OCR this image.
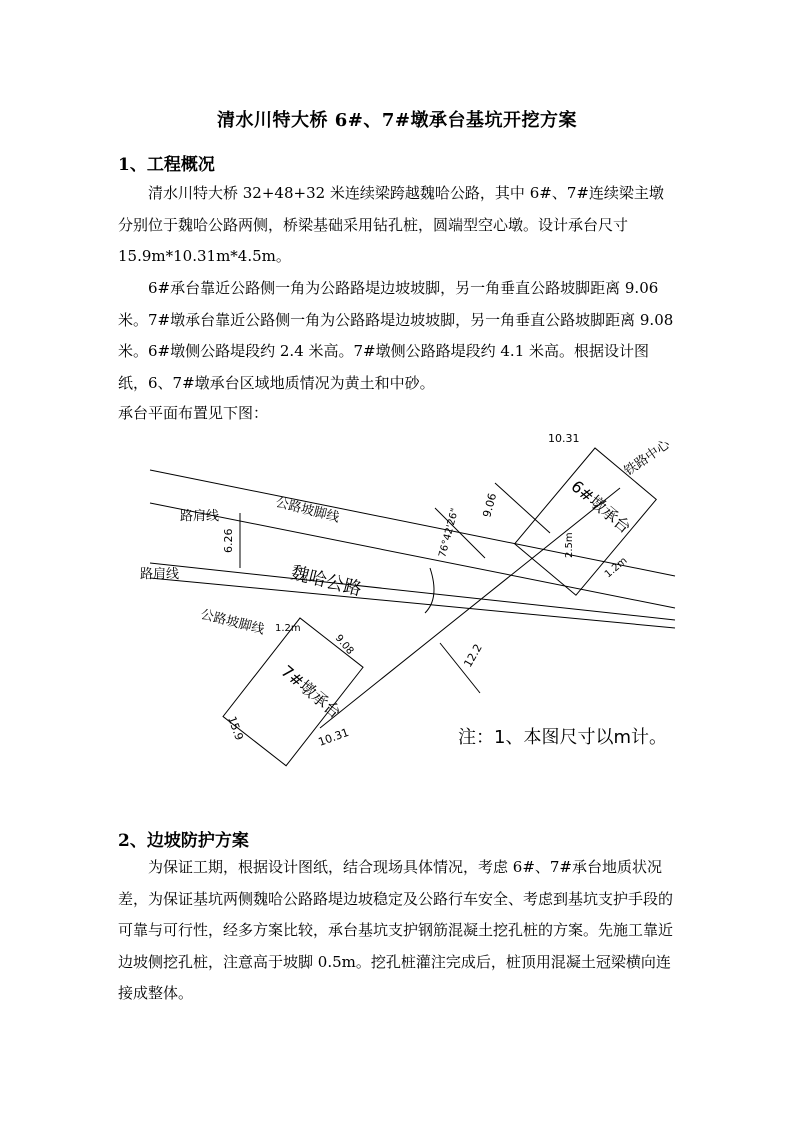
清水川特大桥 6#、7#墩承台基坑开挖方案
1、工程概况

清水川特大桥 32+48+32 米连续梁跨越魏哈公路，其中 6#、7#连续梁主墩分别位于魏哈公路两侧，桥梁基础采用钻孔桩，圆端型空心墩。设计承台尺寸 15.9m*10.31m*4.5m。

6#承台靠近公路侧一角为公路路堤边坡坡脚，另一角垂直公路坡脚距离 9.06 米。7#墩承台靠近公路侧一角为公路路堤边坡坡脚，另一角垂直公路坡脚距离 9.08 米。6#墩侧公路堤段约 2.4 米高。7#墩侧公路路堤段约 4.1 米高。根据设计图纸，6、7#墩承台区域地质情况为黄土和中砂。

承台平面布置见下图：
路肩线
路肩线
公路坡脚线
公路坡脚线
魏哈公路
6#墩承台
7#墩承台
铁路中心
6.26
9.06
9.08	12.2
76°42'26"
10.31
10.31
15.9
1.2m
1.2m
2.5m
注：1、本图尺寸以m计。
2、边坡防护方案

为保证工期，根据设计图纸，结合现场具体情况，考虑 6#、7#承台地质状况差，为保证基坑两侧魏哈公路路堤边坡稳定及公路行车安全、考虑到基坑支护手段的可靠与可行性，经多方案比较，承台基坑支护钢筋混凝土挖孔桩的方案。先施工靠近边坡侧挖孔桩，注意高于坡脚 0.5m。挖孔桩灌注完成后，桩顶用混凝土冠梁横向连接成整体。
